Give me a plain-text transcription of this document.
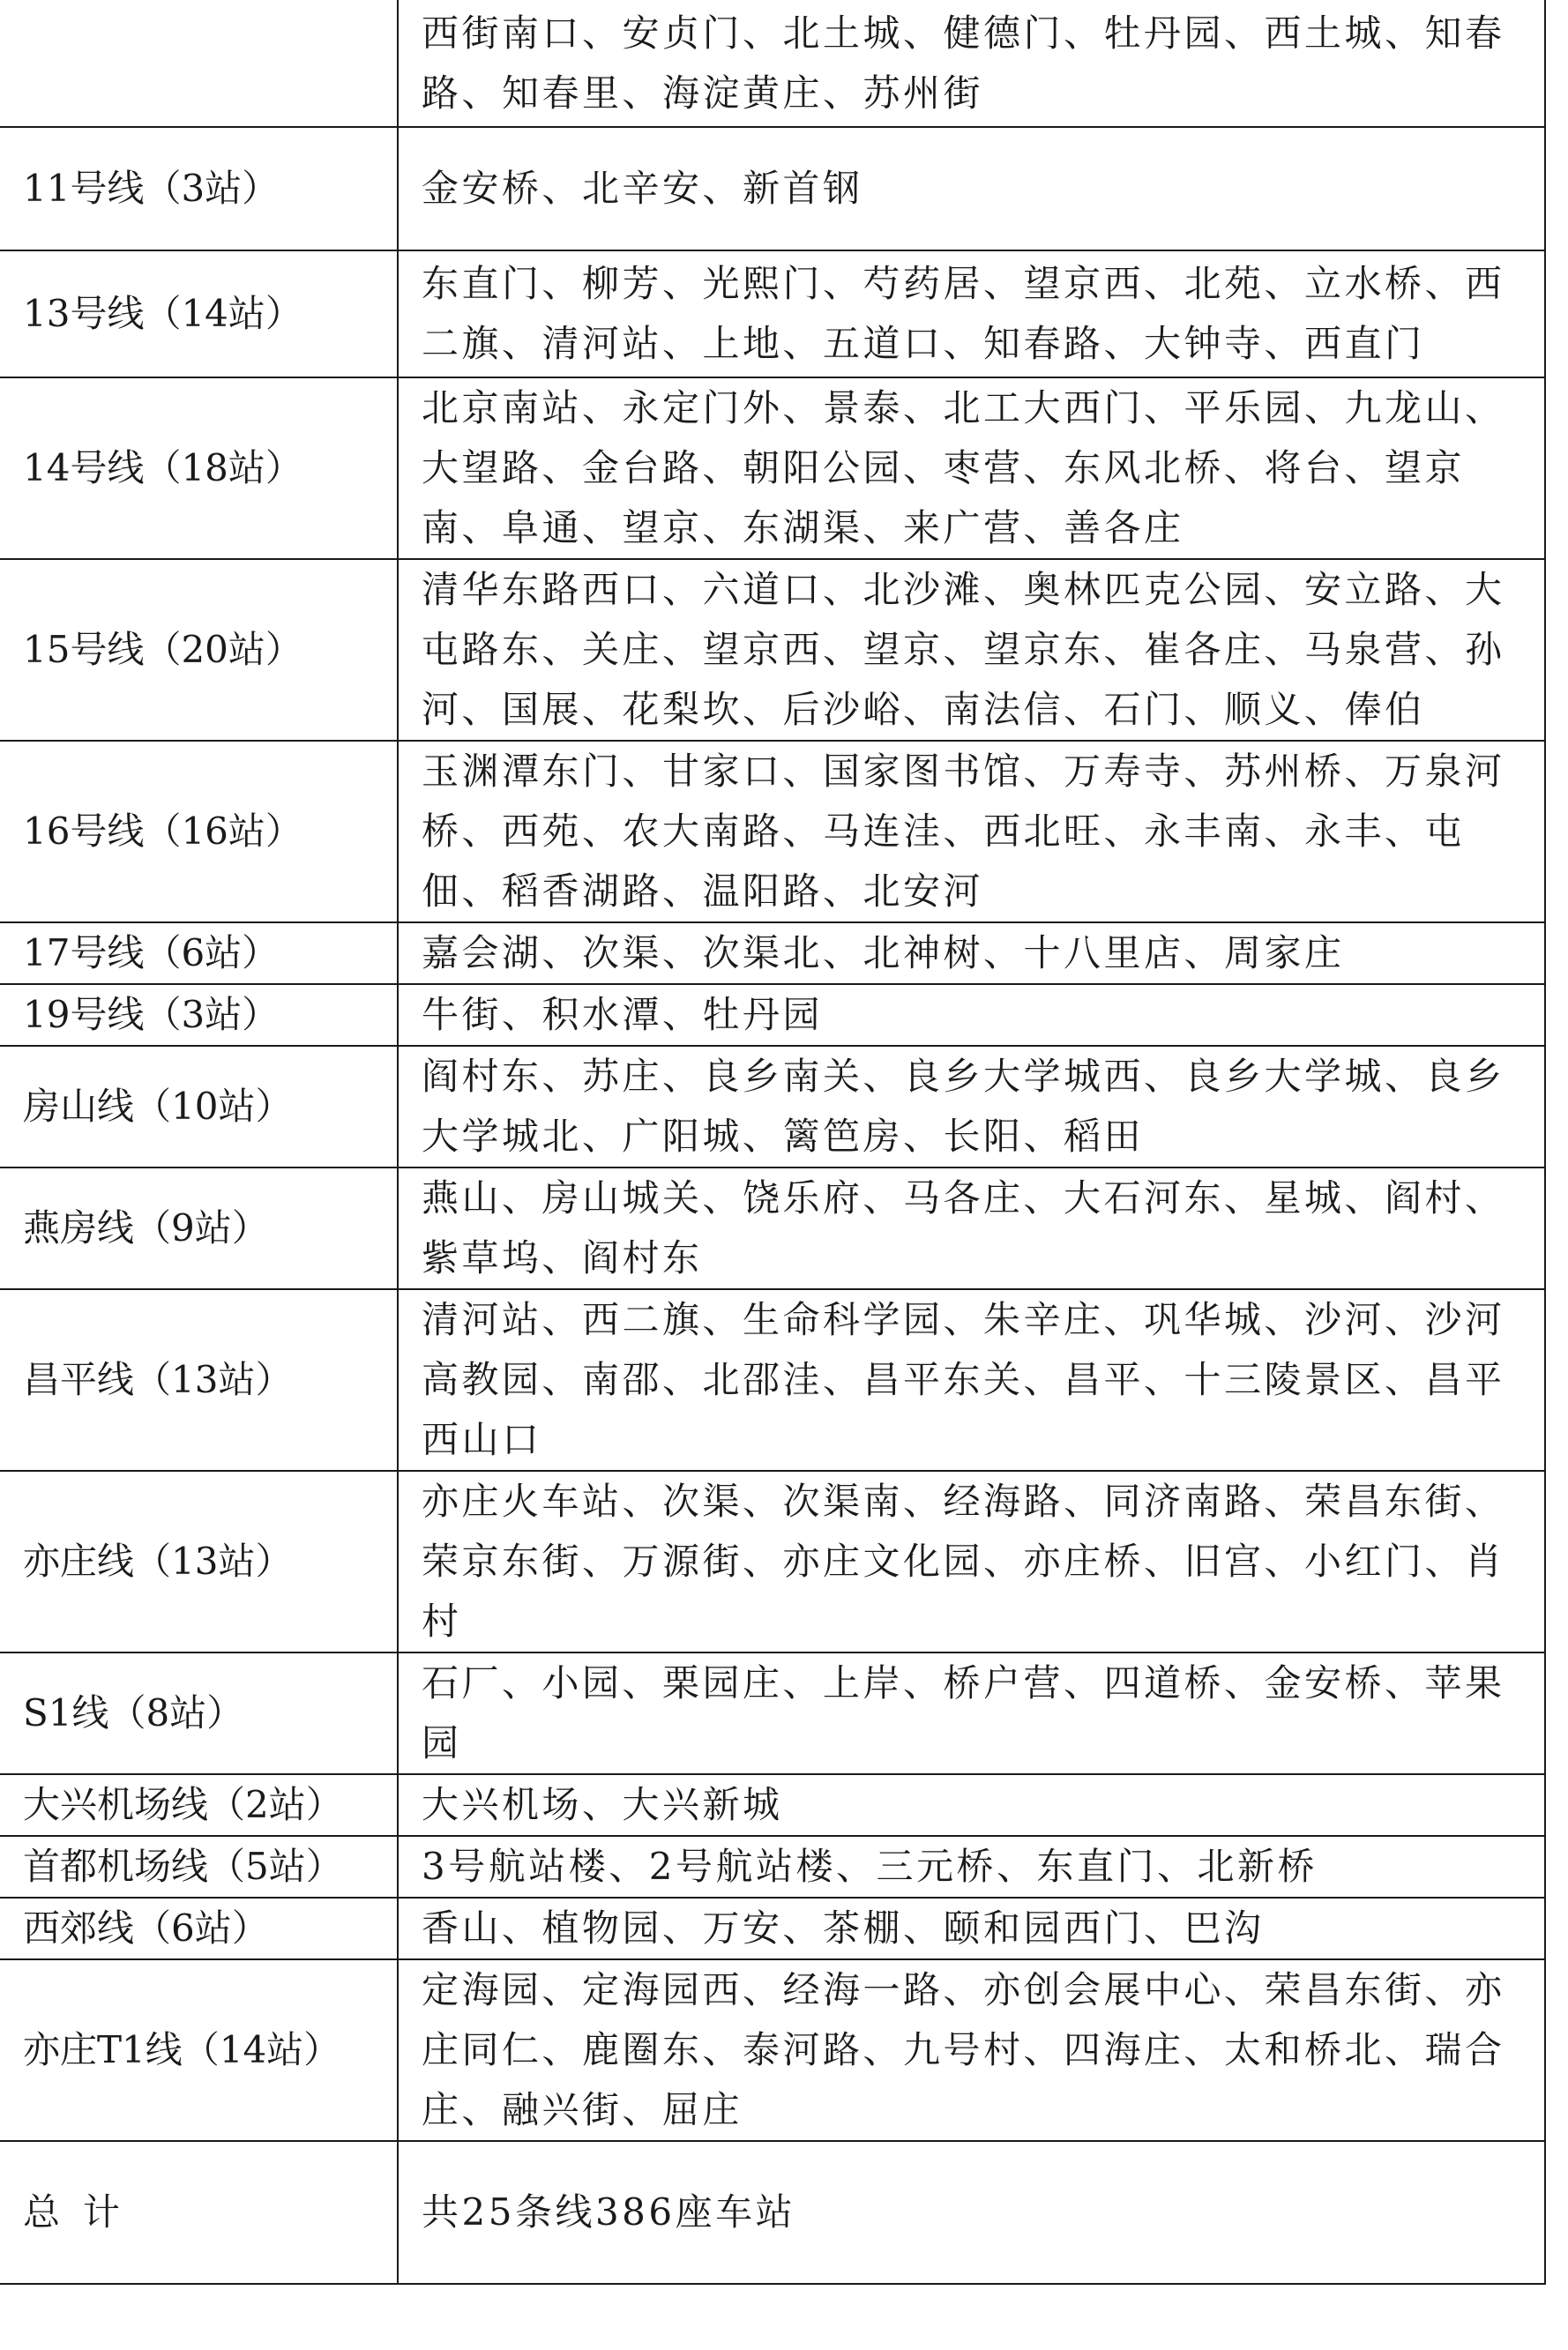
	西街南口、安贞门、北土城、健德门、牡丹园、西土城、知春路、知春里、海淀黄庄、苏州街
11号线（3站）	金安桥、北辛安、新首钢
13号线（14站）	东直门、柳芳、光熙门、芍药居、望京西、北苑、立水桥、西二旗、清河站、上地、五道口、知春路、大钟寺、西直门
14号线（18站）	北京南站、永定门外、景泰、北工大西门、平乐园、九龙山、大望路、金台路、朝阳公园、枣营、东风北桥、将台、望京南、阜通、望京、东湖渠、来广营、善各庄
15号线（20站）	清华东路西口、六道口、北沙滩、奥林匹克公园、安立路、大屯路东、关庄、望京西、望京、望京东、崔各庄、马泉营、孙河、国展、花梨坎、后沙峪、南法信、石门、顺义、俸伯
16号线（16站）	玉渊潭东门、甘家口、国家图书馆、万寿寺、苏州桥、万泉河桥、西苑、农大南路、马连洼、西北旺、永丰南、永丰、屯佃、稻香湖路、温阳路、北安河
17号线（6站）	嘉会湖、次渠、次渠北、北神树、十八里店、周家庄
19号线（3站）	牛街、积水潭、牡丹园
房山线（10站）	阎村东、苏庄、良乡南关、良乡大学城西、良乡大学城、良乡大学城北、广阳城、篱笆房、长阳、稻田
燕房线（9站）	燕山、房山城关、饶乐府、马各庄、大石河东、星城、阎村、紫草坞、阎村东
昌平线（13站）	清河站、西二旗、生命科学园、朱辛庄、巩华城、沙河、沙河高教园、南邵、北邵洼、昌平东关、昌平、十三陵景区、昌平西山口
亦庄线（13站）	亦庄火车站、次渠、次渠南、经海路、同济南路、荣昌东街、荣京东街、万源街、亦庄文化园、亦庄桥、旧宫、小红门、肖村
S1线（8站）	石厂、小园、栗园庄、上岸、桥户营、四道桥、金安桥、苹果园
大兴机场线（2站）	大兴机场、大兴新城
首都机场线（5站）	3号航站楼、2号航站楼、三元桥、东直门、北新桥
西郊线（6站）	香山、植物园、万安、茶棚、颐和园西门、巴沟
亦庄T1线（14站）	定海园、定海园西、经海一路、亦创会展中心、荣昌东街、亦庄同仁、鹿圈东、泰河路、九号村、四海庄、太和桥北、瑞合庄、融兴街、屈庄
总计	共25条线386座车站
